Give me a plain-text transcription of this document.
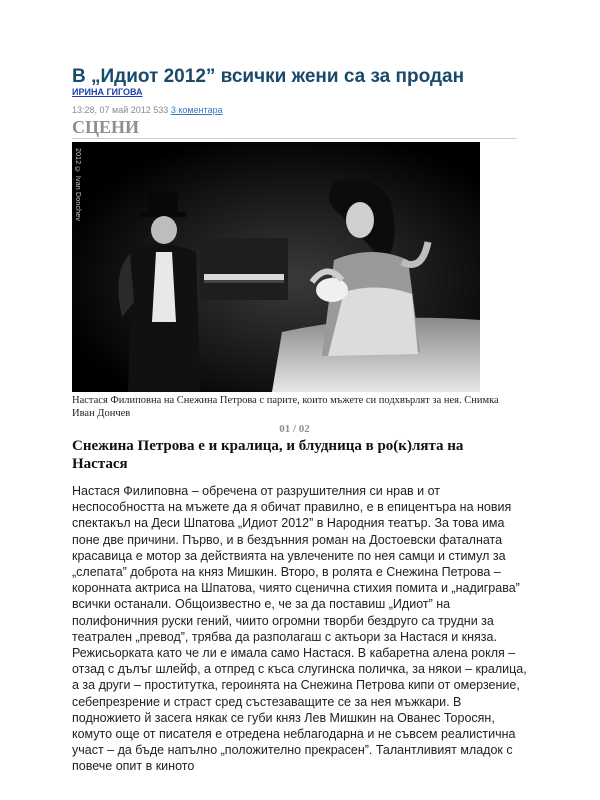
В „Идиот 2012” всички жени са за продан
ИРИНА ГИГОВА
13:28, 07 май 2012 533 3 коментара
СЦЕНИ
2012 © Ivan Donchev
Настася Филиповна на Снежина Петрова с парите, които мъжете си подхвърлят за нея. Снимка Иван Дончев
01 / 02
Снежина Петрова е и кралица, и блудница в ро(к)лята на Настася
Настася Филиповна – обречена от разрушителния си нрав и от неспособността на мъжете да я обичат правилно, е в епицентъра на новия спектакъл на Деси Шпатова „Идиот 2012” в Народния театър. За това има поне две причини. Първо, и в бездънния роман на Достоевски фаталната красавица е мотор за действията на увлечените по нея самци и стимул за „слепата” доброта на княз Мишкин. Второ, в ролята е Снежина Петрова – коронната актриса на Шпатова, чиято сценична стихия помита и „надиграва” всички останали. Общоизвестно е, че за да поставиш „Идиот” на полифоничния руски гений, чиито огромни творби бездруго са трудни за театрален „превод”, трябва да разполагаш с актьори за Настася и княза. Режисьорката като че ли е имала само Настася. В кабаретна алена рокля – отзад с дълъг шлейф, а отпред с къса слугинска поличка, за някои – кралица, а за други – проститутка, героинята на Снежина Петрова кипи от омерзение, себепрезрение и страст сред състезаващите се за нея мъжкари. В подножието й засега някак се губи княз Лев Мишкин на Ованес Торосян, комуто още от писателя е отредена неблагодарна и не съвсем реалистична участ – да бъде напълно „положително прекрасен”. Талантливият младок с повече опит в киното
